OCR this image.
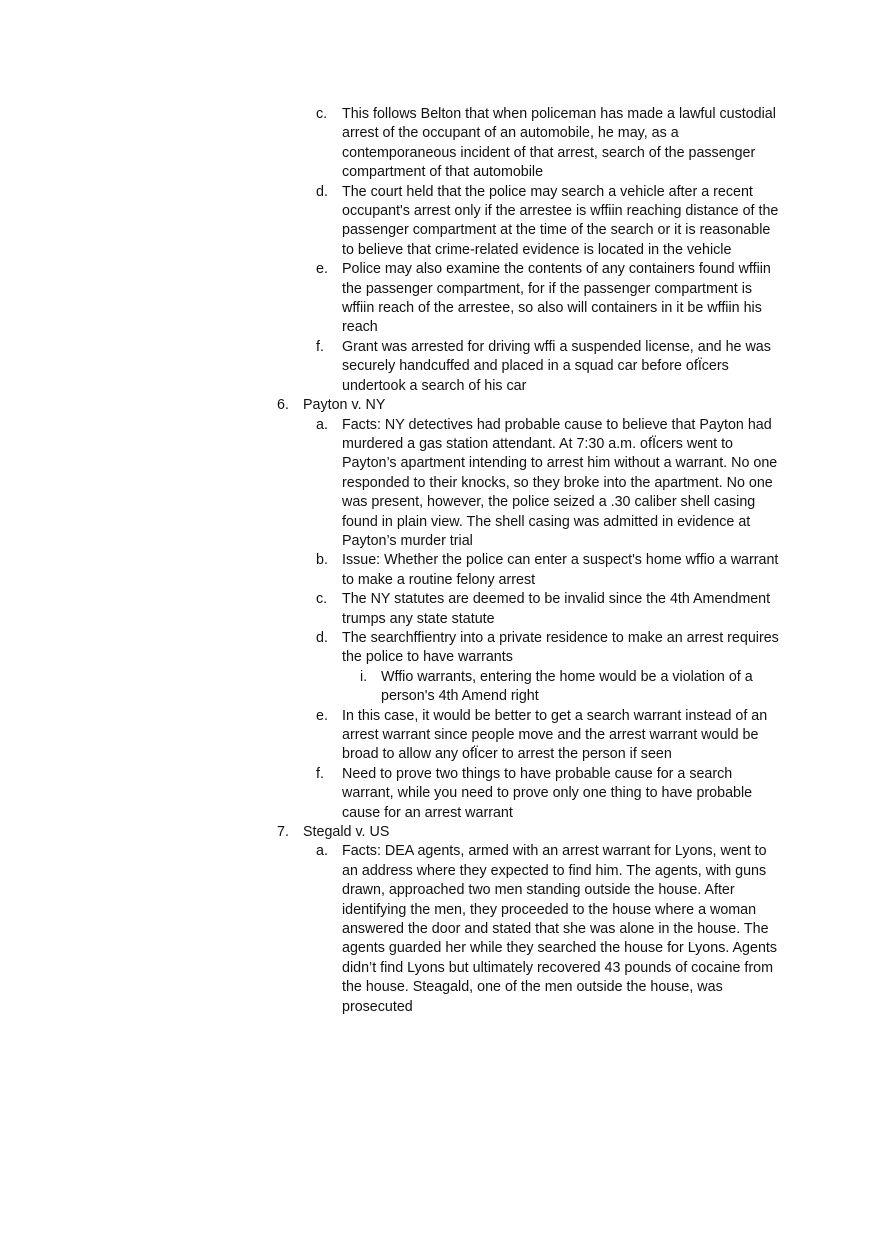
c. This follows Belton that when policeman has made a lawful custodial arrest of the occupant of an automobile, he may, as a contemporaneous incident of that arrest, search of the passenger compartment of that automobile
d. The court held that the police may search a vehicle after a recent occupant's arrest only if the arrestee is wffiin reaching distance of the passenger compartment at the time of the search or it is reasonable to believe that crime-related evidence is located in the vehicle
e. Police may also examine the contents of any containers found wffiin the passenger compartment, for if the passenger compartment is wffiin reach of the arrestee, so also will containers in it be wffiin his reach
f. Grant was arrested for driving wffi a suspended license, and he was securely handcuffed and placed in a squad car before ofÏcers undertook a search of his car
6. Payton v. NY
a. Facts: NY detectives had probable cause to believe that Payton had murdered a gas station attendant. At 7:30 a.m. ofÏcers went to Payton’s apartment intending to arrest him without a warrant. No one responded to their knocks, so they broke into the apartment. No one was present, however, the police seized a .30 caliber shell casing found in plain view. The shell casing was admitted in evidence at Payton’s murder trial
b. Issue: Whether the police can enter a suspect's home wffio a warrant to make a routine felony arrest
c. The NY statutes are deemed to be invalid since the 4th Amendment trumps any state statute
d. The searchffientry into a private residence to make an arrest requires the police to have warrants
i. Wffio warrants, entering the home would be a violation of a person's 4th Amend right
e. In this case, it would be better to get a search warrant instead of an arrest warrant since people move and the arrest warrant would be broad to allow any ofÏcer to arrest the person if seen
f. Need to prove two things to have probable cause for a search warrant, while you need to prove only one thing to have probable cause for an arrest warrant
7. Stegald v. US
a. Facts: DEA agents, armed with an arrest warrant for Lyons, went to an address where they expected to find him. The agents, with guns drawn, approached two men standing outside the house. After identifying the men, they proceeded to the house where a woman answered the door and stated that she was alone in the house. The agents guarded her while they searched the house for Lyons. Agents didn’t find Lyons but ultimately recovered 43 pounds of cocaine from the house. Steagald, one of the men outside the house, was prosecuted
